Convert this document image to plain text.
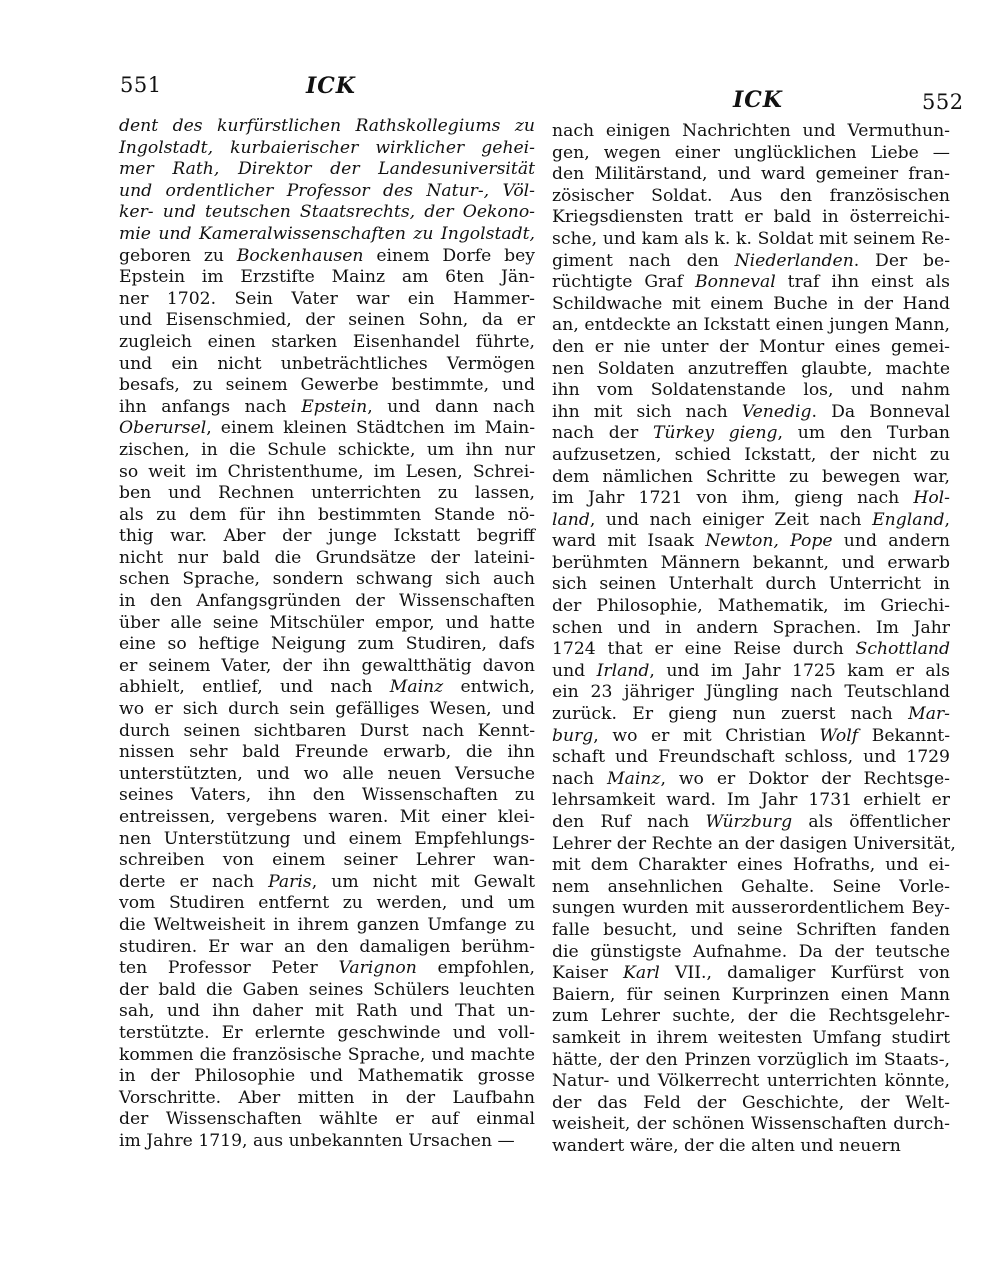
551	ICK
ICK	552
dent des kurfürstlichen Rathskollegiums zu
Ingolstadt, kurbaierischer wirklicher gehei-
mer Rath, Direktor der Landesuniversität
und ordentlicher Professor des Natur-, Völ-
ker- und teutschen Staatsrechts, der Oekono-
mie und Kameralwissenschaften zu Ingolstadt,
geboren zu Bockenhausen einem Dorfe bey
Epstein im Erzstifte Mainz am 6ten Jän-
ner 1702. Sein Vater war ein Hammer-
und Eisenschmied, der seinen Sohn, da er
zugleich einen starken Eisenhandel führte,
und ein nicht unbeträchtliches Vermögen
besafs, zu seinem Gewerbe bestimmte, und
ihn anfangs nach Epstein, und dann nach
Oberursel, einem kleinen Städtchen im Main-
zischen, in die Schule schickte, um ihn nur
so weit im Christenthume, im Lesen, Schrei-
ben und Rechnen unterrichten zu lassen,
als zu dem für ihn bestimmten Stande nö-
thig war. Aber der junge Ickstatt begriff
nicht nur bald die Grundsätze der lateini-
schen Sprache, sondern schwang sich auch
in den Anfangsgründen der Wissenschaften
über alle seine Mitschüler empor, und hatte
eine so heftige Neigung zum Studiren, dafs
er seinem Vater, der ihn gewaltthätig davon
abhielt, entlief, und nach Mainz entwich,
wo er sich durch sein gefälliges Wesen, und
durch seinen sichtbaren Durst nach Kennt-
nissen sehr bald Freunde erwarb, die ihn
unterstützten, und wo alle neuen Versuche
seines Vaters, ihn den Wissenschaften zu
entreissen, vergebens waren. Mit einer klei-
nen Unterstützung und einem Empfehlungs-
schreiben von einem seiner Lehrer wan-
derte er nach Paris, um nicht mit Gewalt
vom Studiren entfernt zu werden, und um
die Weltweisheit in ihrem ganzen Umfange zu
studiren. Er war an den damaligen berühm-
ten Professor Peter Varignon empfohlen,
der bald die Gaben seines Schülers leuchten
sah, und ihn daher mit Rath und That un-
terstützte. Er erlernte geschwinde und voll-
kommen die französische Sprache, und machte
in der Philosophie und Mathematik grosse
Vorschritte. Aber mitten in der Laufbahn
der Wissenschaften wählte er auf einmal
im Jahre 1719, aus unbekannten Ursachen —
nach einigen Nachrichten und Vermuthun-
gen, wegen einer unglücklichen Liebe —
den Militärstand, und ward gemeiner fran-
zösischer Soldat. Aus den französischen
Kriegsdiensten tratt er bald in österreichi-
sche, und kam als k. k. Soldat mit seinem Re-
giment nach den Niederlanden. Der be-
rüchtigte Graf Bonneval traf ihn einst als
Schildwache mit einem Buche in der Hand
an, entdeckte an Ickstatt einen jungen Mann,
den er nie unter der Montur eines gemei-
nen Soldaten anzutreffen glaubte, machte
ihn vom Soldatenstande los, und nahm
ihn mit sich nach Venedig. Da Bonneval
nach der Türkey gieng, um den Turban
aufzusetzen, schied Ickstatt, der nicht zu
dem nämlichen Schritte zu bewegen war,
im Jahr 1721 von ihm, gieng nach Hol-
land, und nach einiger Zeit nach England,
ward mit Isaak Newton, Pope und andern
berühmten Männern bekannt, und erwarb
sich seinen Unterhalt durch Unterricht in
der Philosophie, Mathematik, im Griechi-
schen und in andern Sprachen. Im Jahr
1724 that er eine Reise durch Schottland
und Irland, und im Jahr 1725 kam er als
ein 23 jähriger Jüngling nach Teutschland
zurück. Er gieng nun zuerst nach Mar-
burg, wo er mit Christian Wolf Bekannt-
schaft und Freundschaft schloss, und 1729
nach Mainz, wo er Doktor der Rechtsge-
lehrsamkeit ward. Im Jahr 1731 erhielt er
den Ruf nach Würzburg als öffentlicher
Lehrer der Rechte an der dasigen Universität,
mit dem Charakter eines Hofraths, und ei-
nem ansehnlichen Gehalte. Seine Vorle-
sungen wurden mit ausserordentlichem Bey-
falle besucht, und seine Schriften fanden
die günstigste Aufnahme. Da der teutsche
Kaiser Karl VII., damaliger Kurfürst von
Baiern, für seinen Kurprinzen einen Mann
zum Lehrer suchte, der die Rechtsgelehr-
samkeit in ihrem weitesten Umfang studirt
hätte, der den Prinzen vorzüglich im Staats-,
Natur- und Völkerrecht unterrichten könnte,
der das Feld der Geschichte, der Welt-
weisheit, der schönen Wissenschaften durch-
wandert wäre, der die alten und neuern
